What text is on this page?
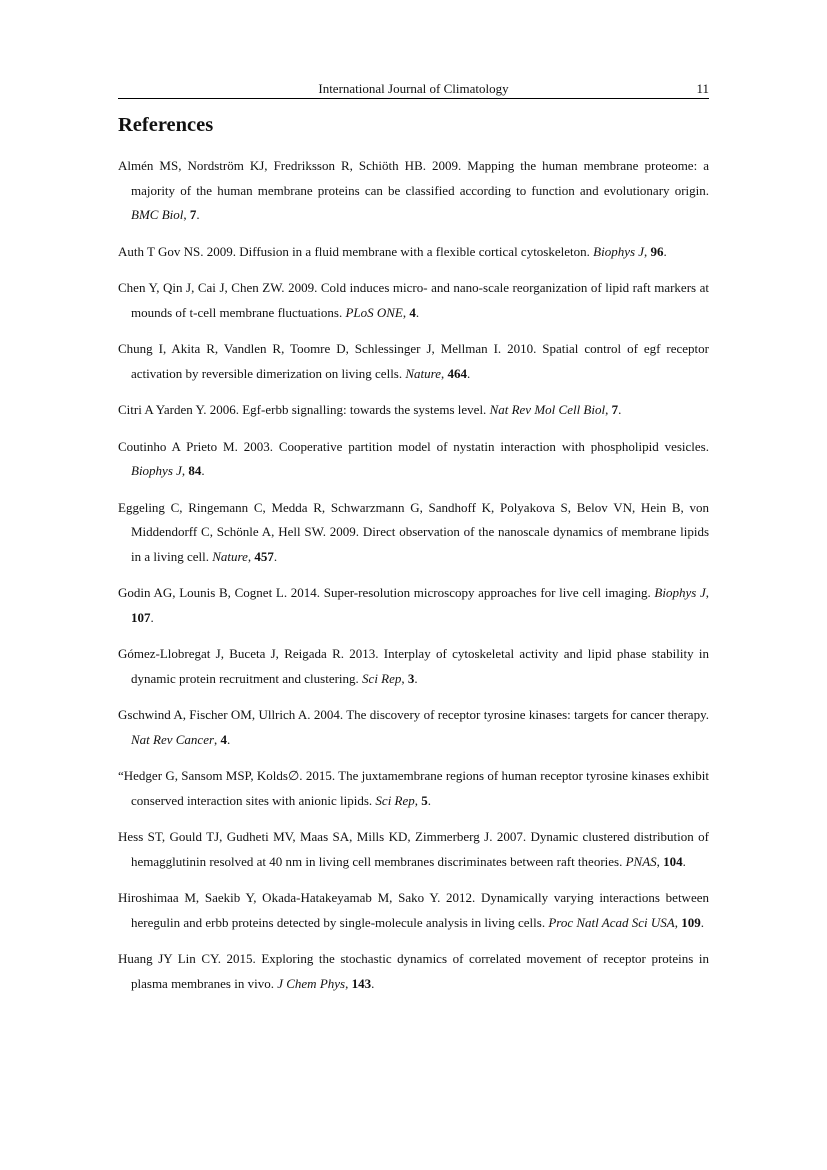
International Journal of Climatology	11
References
Almén MS, Nordström KJ, Fredriksson R, Schiöth HB. 2009. Mapping the human membrane proteome: a majority of the human membrane proteins can be classified according to function and evolutionary origin. BMC Biol, 7.
Auth T Gov NS. 2009. Diffusion in a fluid membrane with a flexible cortical cytoskeleton. Biophys J, 96.
Chen Y, Qin J, Cai J, Chen ZW. 2009. Cold induces micro- and nano-scale reorganization of lipid raft markers at mounds of t-cell membrane fluctuations. PLoS ONE, 4.
Chung I, Akita R, Vandlen R, Toomre D, Schlessinger J, Mellman I. 2010. Spatial control of egf receptor activation by reversible dimerization on living cells. Nature, 464.
Citri A Yarden Y. 2006. Egf-erbb signalling: towards the systems level. Nat Rev Mol Cell Biol, 7.
Coutinho A Prieto M. 2003. Cooperative partition model of nystatin interaction with phospholipid vesicles. Biophys J, 84.
Eggeling C, Ringemann C, Medda R, Schwarzmann G, Sandhoff K, Polyakova S, Belov VN, Hein B, von Middendorff C, Schönle A, Hell SW. 2009. Direct observation of the nanoscale dynamics of membrane lipids in a living cell. Nature, 457.
Godin AG, Lounis B, Cognet L. 2014. Super-resolution microscopy approaches for live cell imaging. Biophys J, 107.
Gómez-Llobregat J, Buceta J, Reigada R. 2013. Interplay of cytoskeletal activity and lipid phase stability in dynamic protein recruitment and clustering. Sci Rep, 3.
Gschwind A, Fischer OM, Ullrich A. 2004. The discovery of receptor tyrosine kinases: targets for cancer therapy. Nat Rev Cancer, 4.
“Hedger G, Sansom MSP, Kolds∅. 2015. The juxtamembrane regions of human receptor tyrosine kinases exhibit conserved interaction sites with anionic lipids. Sci Rep, 5.
Hess ST, Gould TJ, Gudheti MV, Maas SA, Mills KD, Zimmerberg J. 2007. Dynamic clustered distribution of hemagglutinin resolved at 40 nm in living cell membranes discriminates between raft theories. PNAS, 104.
Hiroshimaa M, Saekib Y, Okada-Hatakeyamab M, Sako Y. 2012. Dynamically varying interactions between heregulin and erbb proteins detected by single-molecule analysis in living cells. Proc Natl Acad Sci USA, 109.
Huang JY Lin CY. 2015. Exploring the stochastic dynamics of correlated movement of receptor proteins in plasma membranes in vivo. J Chem Phys, 143.
